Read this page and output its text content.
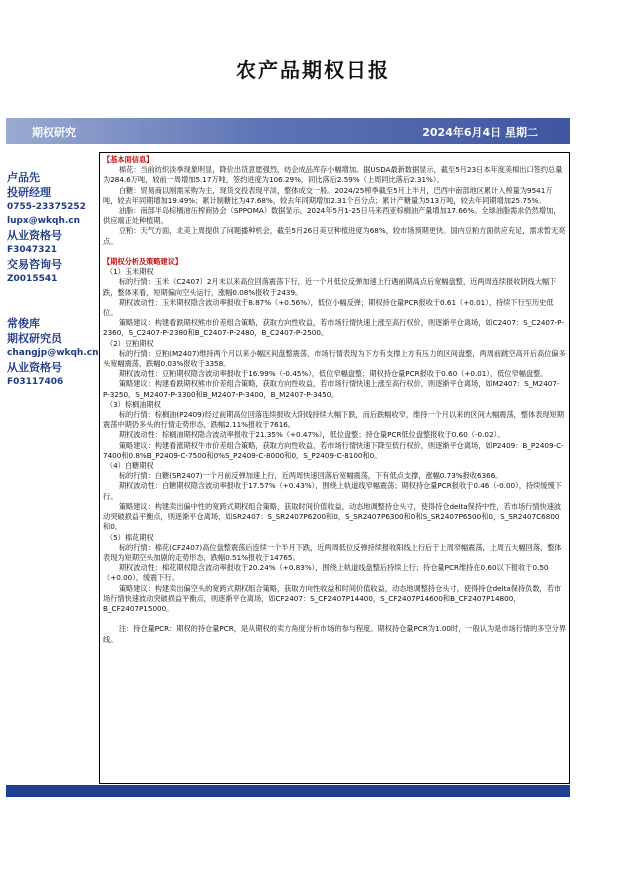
农产品期权日报
期权研究	2024年6月4日 星期二
卢品先
投研经理
0755-23375252
lupx@wkqh.cn
从业资格号
F3047321
交易咨询号
Z0015541
常俊库
期权研究员
changjp@wkqh.cn
从业资格号
F03117406

【基本面信息】

棉花：当前纺织淡季现象明显，降价出货意愿强烈，纺企成品库存小幅增加。据USDA最新数据显示，截至5月23日本年度美棉出口签约总量为284.6万吨，较前一周增加5.17万吨，签约进度为106.29%，同比落后2.59%（上周同比落后2.31%）。

白糖：贸易商以刚需采购为主，现货交投表现平淡，整体成交一般。2024/25榨季截至5月上半月，巴西中南部地区累计入榨量为9541万吨，较去年同期增加19.49%；累计制糖比为47.68%，较去年同期增加2.31个百分点；累计产糖量为513万吨，较去年同期增加25.75%。

油脂：南部半岛棕榈油压榨商协会（SPPOMA）数据显示，2024年5月1-25日马来西亚棕榈油产量增加17.66%。全球油脂需求仍然增加，供应端正处种植期。

豆粕：天气方面，北美上周提供了问题播种机会，截至5月26日美豆种植进度为68%，较市场预期更快。国内豆粕方面供应充足，需求暂无亮点。

【期权分析及策略建议】

（1）玉米期权

标的行情：玉米（C2407）2月末以来高位回落震荡下行，近一个月低位反弹加速上行遇前期高点后宽幅盘整，近两周连续报收阴线大幅下跌，整体来看，短期偏向空头运行，涨幅0.08%报收于2439。

期权波动性：玉米期权隐含波动率报收于8.87%（+0.56%），低位小幅反弹；期权持仓量PCR报收于0.61（+0.01），持续下行至历史低位。

策略建议：构建看跌期权熊市价差组合策略，获取方向性收益，若市场行情快速上涨至高行权价，则逐渐平仓离场，如C2407：S_C2407-P-2360，S_C2407-P-2380和B_C2407-P-2480，B_C2407-P-2500。

（2）豆粕期权

标的行情：豆粕(M2407)维持两个月以来小幅区间盘整震荡，市场行情表现为下方有支撑上方有压力的区间盘整，两周前跳空高开后高位偏多头宽幅震荡，跌幅0.03%报收于3358。

期权波动性：豆粕期权隐含波动率报收于16.99%（-0.45%），低位窄幅盘整；期权持仓量PCR报收于0.60（+0.01），低位窄幅盘整。

策略建议：构建看跌期权熊市价差组合策略，获取方向性收益，若市场行情快速上涨至高行权价，则逐渐平仓离场，如M2407：S_M2407-P-3250，S_M2407-P-3300和B_M2407-P-3400，B_M2407-P-3450。

（3）棕榈油期权

标的行情：棕榈油(P2409)经过前期高位回落连续报收大阴线持续大幅下跌，而后跌幅收窄，维持一个月以来的区间大幅震荡，整体表现短期震荡中期仍多头的行情走势形态，跌幅2.11%报收于7616。

期权波动性：棕榈油期权隐含波动率报收于21.35%（+0.47%），低位盘整；持仓量PCR低位盘整报收于0.60（-0.02）。

策略建议：构建看涨期权牛市价差组合策略，获取方向性收益，若市场行情快速下降至低行权价，则逐渐平仓离场，如P2409：B_P2409-C-7400和0.8%B_P2409-C-7500和0%S_P2409-C-8000和0，S_P2409-C-8100和0。

（4）白糖期权

标的行情：白糖(SR2407)一个月前反弹加速上行，近两周快速回落后宽幅震荡，下有低点支撑，涨幅0.73%报收6366。

期权波动性：白糖期权隐含波动率报收于17.57%（+0.43%），围绕上轨道线窄幅震荡；期权持仓量PCR报收于0.46（-0.00），持续缓慢下行。

策略建议：构建卖出偏中性的宽跨式期权组合策略，获取时间价值收益，动态地调整持仓头寸，使得持仓delta保持中性，若市场行情快速波动突破损益平衡点，则逐渐平仓离场，如SR2407：S_SR2407P6200和0，S_SR2407P6300和0和S_SR2407P6500和0，S_SR2407C6800和0。

（5）棉花期权

标的行情：棉花(CF2407)高位盘整震荡后连续一个半月下跌，近两周低位反弹持续报收阳线上行后于上周窄幅震荡，上周五大幅回落，整体表现为短期空头加剧的走势形态，跌幅0.51%报收于14765。

期权波动性：棉花期权隐含波动率报收于20.24%（+0.83%），围绕上轨道线盘整后持续上行；持仓量PCR维持在0.60以下报收于0.50（+0.00），缓震下行。

策略建议：构建卖出偏空头的宽跨式期权组合策略，获取方向性收益和时间价值收益，动态地调整持仓头寸，使得持仓delta保持负数，若市场行情快速波动突破损益平衡点，则逐渐平仓离场，如CF2407：S_CF2407P14400，S_CF2407P14600和B_CF2407P14800，B_CF2407P15000。

注：持仓量PCR：期权的持仓量PCR，是从期权的卖方角度分析市场的参与程度。期权持仓量PCR为1.00时，一般认为是市场行情的多空分界线。
